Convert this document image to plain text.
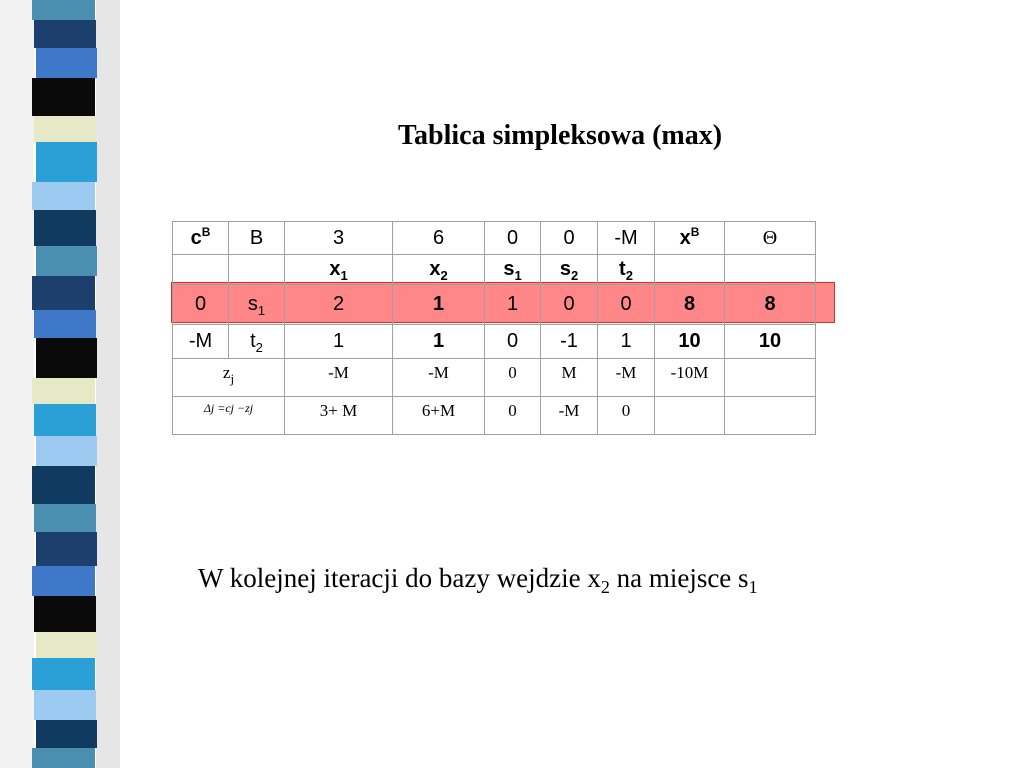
Tablica simpleksowa (max)
$c^B$	B	3	6	0	0	-M	$x^B$	Θ
		$x_1$	$x_2$	$s_1$	$s_2$	$t_2$		
0	$s_1$	2	1	1	0	0	8	8
-M	$t_2$	1	1	0	-1	1	10	10
$z_j$		-M	-M	0	M	-M	-10M	
Δj =cj −zj		3+ M	6+M	0	-M	0		
W kolejnej iteracji do bazy wejdzie $x_2$ na miejsce $s_1$
